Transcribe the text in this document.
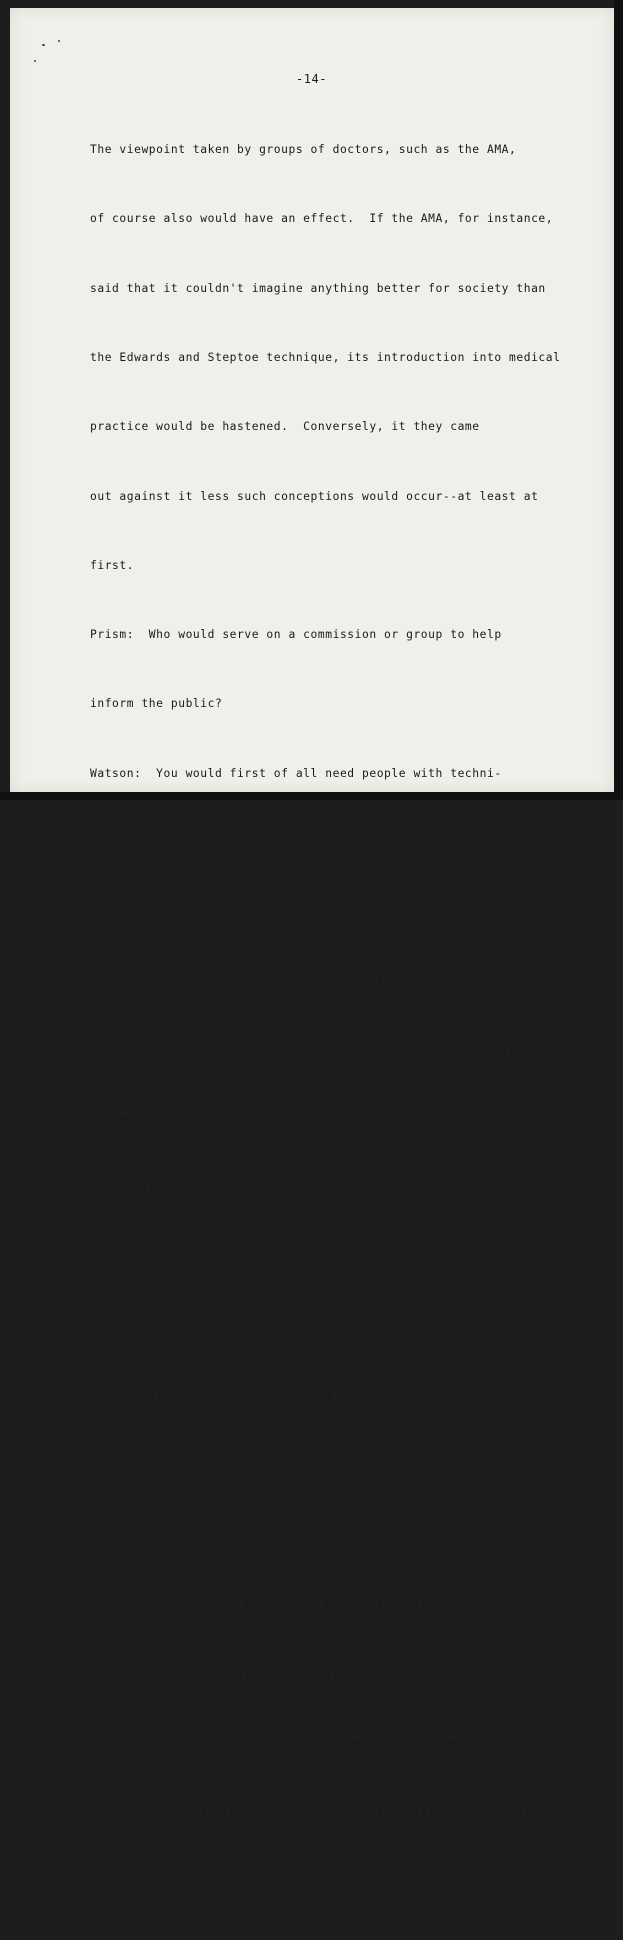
-14-

The viewpoint taken by groups of doctors, such as the AMA,

of course also would have an effect.  If the AMA, for instance,

said that it couldn't imagine anything better for society than

the Edwards and Steptoe technique, its introduction into medical

practice would be hastened.  Conversely, it they came

out against it less such conceptions would occur--at least at

first.

Prism:  Who would serve on a commission or group to help

inform the public?

Watson:  You would first of all need people with techni-

cal competence.  Gynecologists, for example, could tell you

whether they thought it was easy or hard to do certain

things.  On the other hand, you wouldn't want to have

only doctors. The user public would have to be strongly repre-

sented.  You need a mixture of people who can appreciate both

the difficulties and advantages.

Prism:  What do you think will happen if nothing is done--

if this kind of experimentation is just allowed to go on

the way it has been without great public discussion and

without some decisions being made?

Watson:  If the first in vitro fertilizations are successful,

I don't see stopping the tide.  Obviously a lot of legal

problems would quickly emerge.  If one of the first test-

tube babies should come out bad, I believe most people wouldn't

look at such a failure in a dispassionate, statistical fashion.

They would simply blame the doctor (or scientist).
